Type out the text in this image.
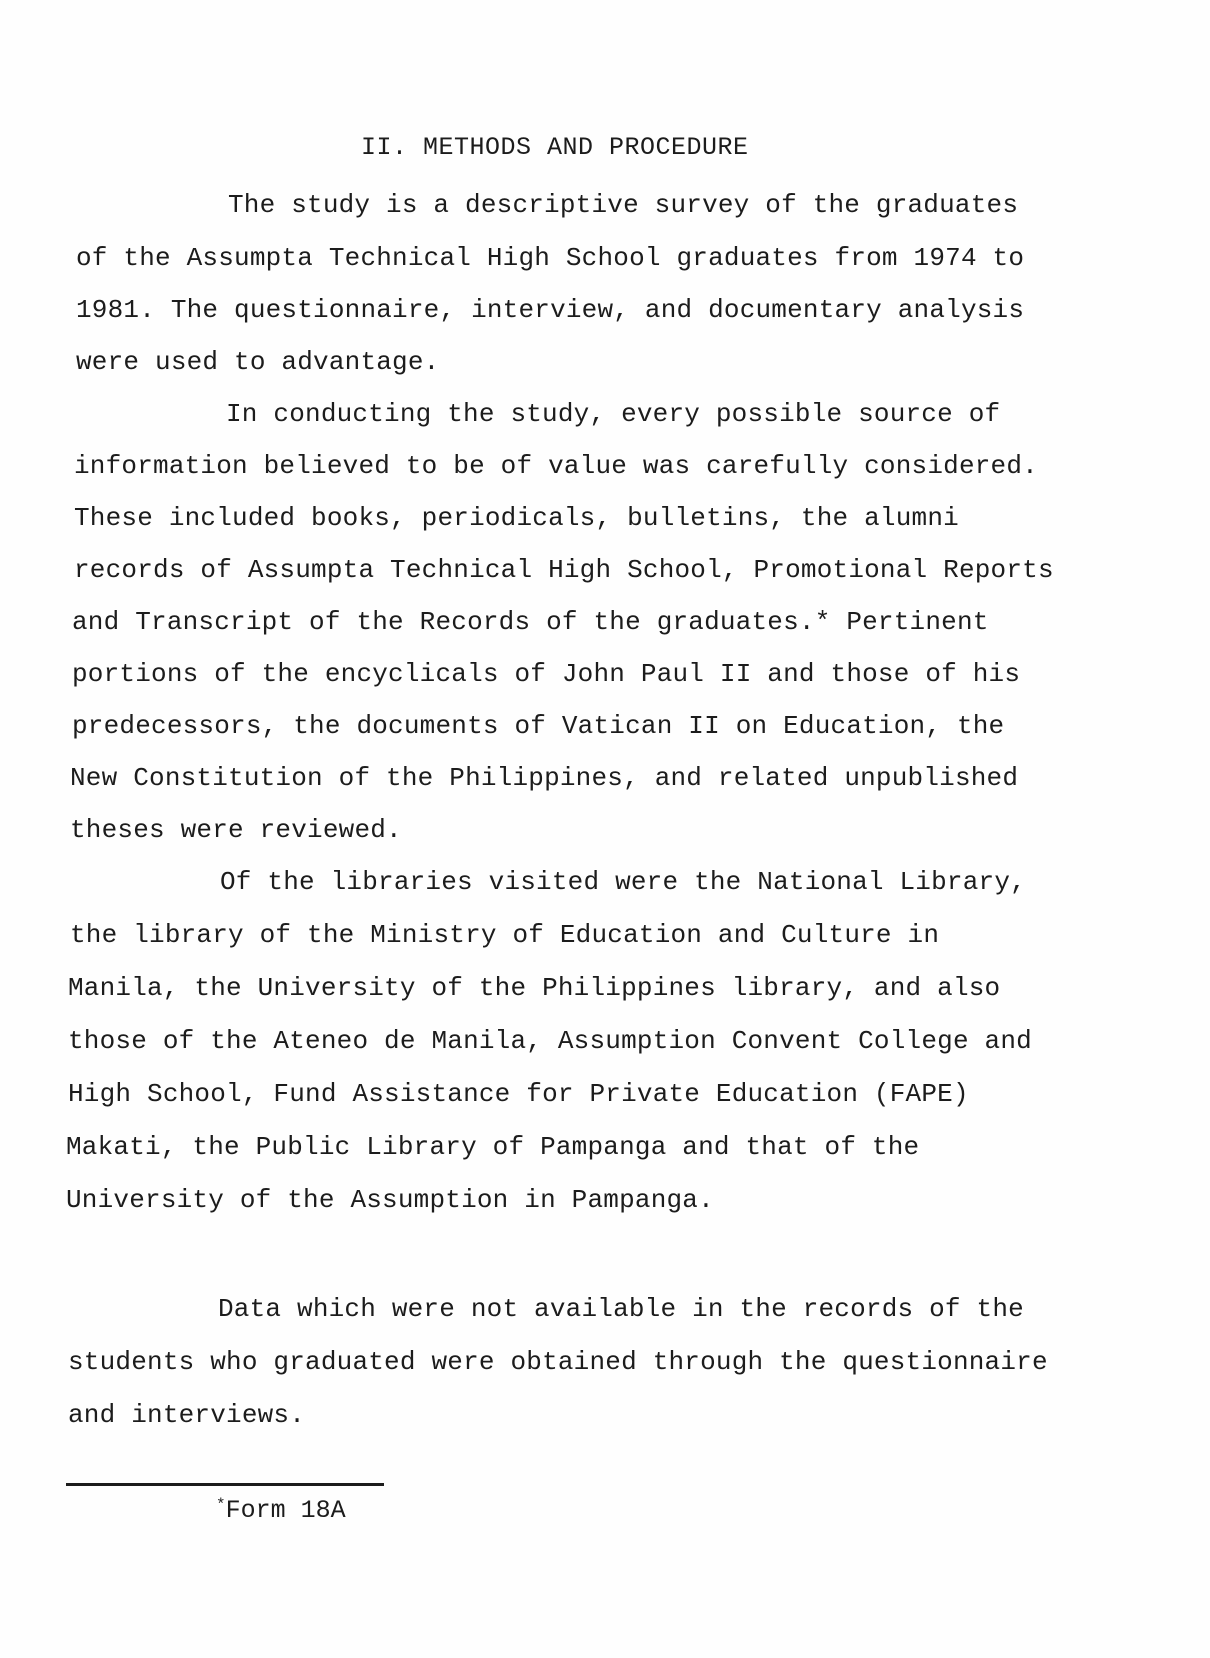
II. METHODS AND PROCEDURE
The study is a descriptive survey of the graduates
of the Assumpta Technical High School graduates from 1974 to
1981. The questionnaire, interview, and documentary analysis
were used to advantage.
In conducting the study, every possible source of
information believed to be of value was carefully considered.
These included books, periodicals, bulletins, the alumni
records of Assumpta Technical High School, Promotional Reports
and Transcript of the Records of the graduates.* Pertinent
portions of the encyclicals of John Paul II and those of his
predecessors, the documents of Vatican II on Education, the
New Constitution of the Philippines, and related unpublished
theses were reviewed.
Of the libraries visited were the National Library,
the library of the Ministry of Education and Culture in
Manila, the University of the Philippines library, and also
those of the Ateneo de Manila, Assumption Convent College and
High School, Fund Assistance for Private Education (FAPE)
Makati, the Public Library of Pampanga and that of the
University of the Assumption in Pampanga.
Data which were not available in the records of the
students who graduated were obtained through the questionnaire
and interviews.
*Form 18A
